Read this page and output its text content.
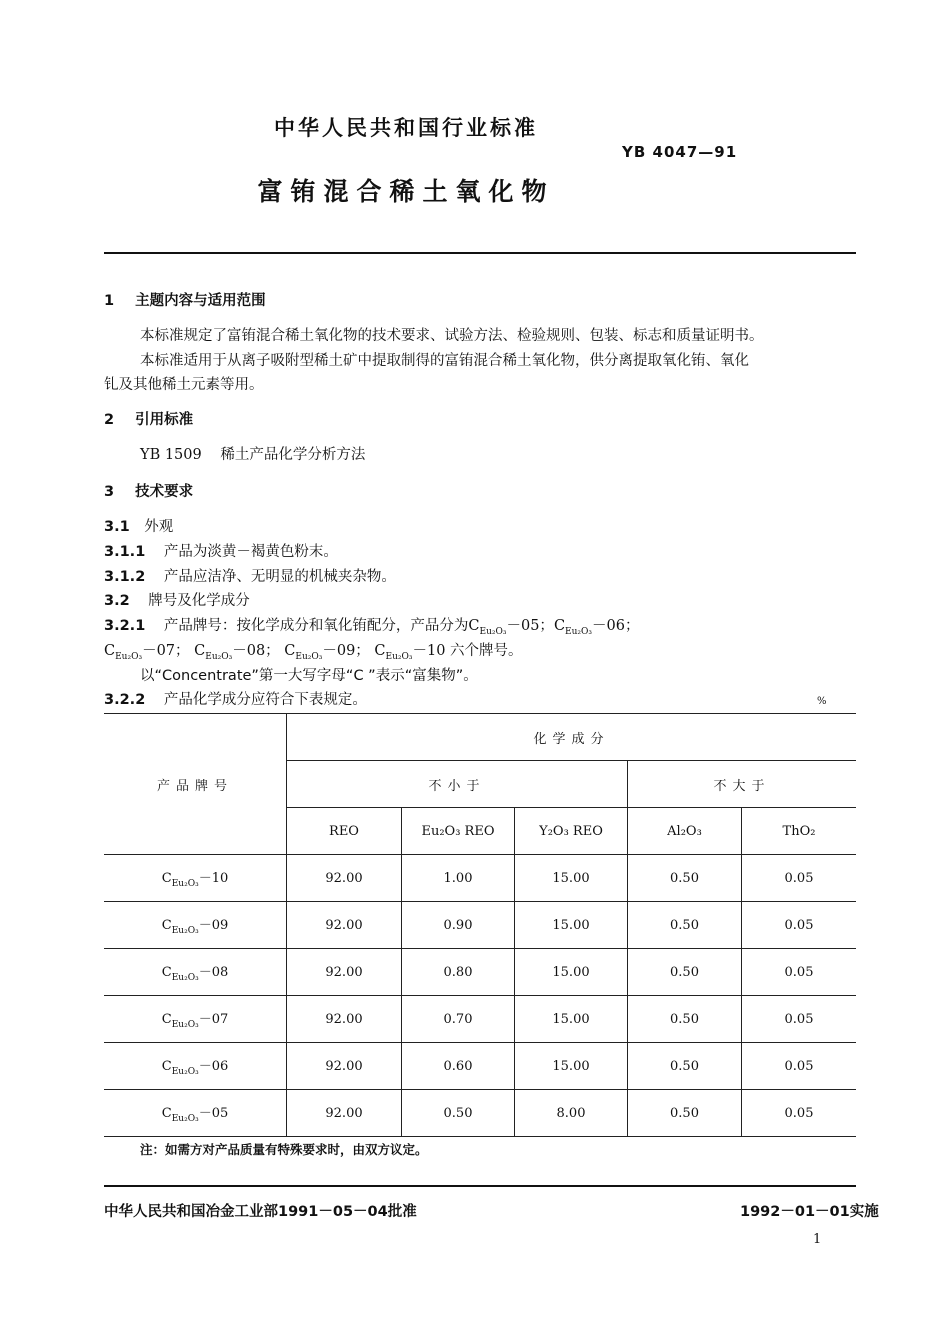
中华人民共和国行业标准
YB 4047—91
富铕混合稀土氧化物
1 主题内容与适用范围
本标准规定了富铕混合稀土氧化物的技术要求、试验方法、检验规则、包装、标志和质量证明书。
本标准适用于从离子吸附型稀土矿中提取制得的富铕混合稀土氧化物，供分离提取氧化铕、氧化
钆及其他稀土元素等用。
2 引用标准
YB 1509 稀土产品化学分析方法
3 技术要求
3.1 外观
3.1.1 产品为淡黄－褐黄色粉末。
3.1.2 产品应洁净、无明显的机械夹杂物。
3.2 牌号及化学成分
3.2.1 产品牌号：按化学成分和氧化铕配分，产品分为$C_{Eu_2O_3}-05$；$C_{Eu_2O_3}-06$；
$C_{Eu_2O_3}-07$； $C_{Eu_2O_3}-08$； $C_{Eu_2O_3}-09$； $C_{Eu_2O_3}-10$ 六个牌号。
以“Concentrate”第一大写字母“C ”表示“富集物”。
3.2.2 产品化学成分应符合下表规定。	%
产品牌号	化学成分				
	不小于			不大于	
	REO	Eu₂O₃ REO	Y₂O₃ REO	Al₂O₃	ThO₂
$C_{Eu_2O_3}-10$	92.00	1.00	15.00	0.50	0.05
$C_{Eu_2O_3}-09$	92.00	0.90	15.00	0.50	0.05
$C_{Eu_2O_3}-08$	92.00	0.80	15.00	0.50	0.05
$C_{Eu_2O_3}-07$	92.00	0.70	15.00	0.50	0.05
$C_{Eu_2O_3}-06$	92.00	0.60	15.00	0.50	0.05
$C_{Eu_2O_3}-05$	92.00	0.50	8.00	0.50	0.05
注：如需方对产品质量有特殊要求时，由双方议定。
中华人民共和国冶金工业部1991－05－04批准	1992－01－01实施
1
